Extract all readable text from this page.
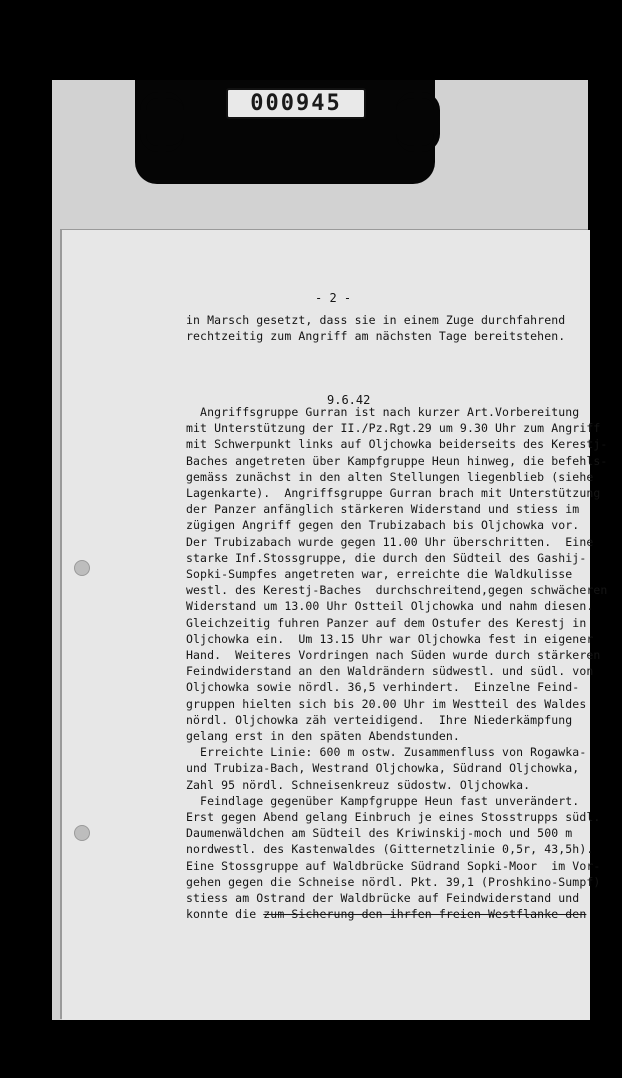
000945
- 2 -
in Marsch gesetzt, dass sie in einem Zuge durchfahrend
rechtzeitig zum Angriff am nächsten Tage bereitstehen.
9.6.42
Angriffsgruppe Gurran ist nach kurzer Art.Vorbereitung
mit Unterstützung der II./Pz.Rgt.29 um 9.30 Uhr zum Angriff
mit Schwerpunkt links auf Oljchowka beiderseits des Kerestj-
Baches angetreten über Kampfgruppe Heun hinweg, die befehls-
gemäss zunächst in den alten Stellungen liegenblieb (siehe
Lagenkarte).  Angriffsgruppe Gurran brach mit Unterstützung
der Panzer anfänglich stärkeren Widerstand und stiess im
zügigen Angriff gegen den Trubizabach bis Oljchowka vor.
Der Trubizabach wurde gegen 11.00 Uhr überschritten.  Eine
starke Inf.Stossgruppe, die durch den Südteil des Gashij-
Sopki-Sumpfes angetreten war, erreichte die Waldkulisse
westl. des Kerestj-Baches  durchschreitend,gegen schwächeren
Widerstand um 13.00 Uhr Ostteil Oljchowka und nahm diesen.
Gleichzeitig fuhren Panzer auf dem Ostufer des Kerestj in
Oljchowka ein.  Um 13.15 Uhr war Oljchowka fest in eigener
Hand.  Weiteres Vordringen nach Süden wurde durch stärkeren
Feindwiderstand an den Waldrändern südwestl. und südl. von
Oljchowka sowie nördl. 36,5 verhindert.  Einzelne Feind-
gruppen hielten sich bis 20.00 Uhr im Westteil des Waldes
nördl. Oljchowka zäh verteidigend.  Ihre Niederkämpfung
gelang erst in den späten Abendstunden.
Erreichte Linie: 600 m ostw. Zusammenfluss von Rogawka-
und Trubiza-Bach, Westrand Oljchowka, Südrand Oljchowka,
Zahl 95 nördl. Schneisenkreuz südostw. Oljchowka.
Feindlage gegenüber Kampfgruppe Heun fast unverändert.
Erst gegen Abend gelang Einbruch je eines Stosstrupps südl.
Daumenwäldchen am Südteil des Kriwinskij-moch und 500 m
nordwestl. des Kastenwaldes (Gitternetzlinie 0,5r, 43,5h).
Eine Stossgruppe auf Waldbrücke Südrand Sopki-Moor  im Vor-
gehen gegen die Schneise nördl. Pkt. 39,1 (Proshkino-Sumpf)
stiess am Ostrand der Waldbrücke auf Feindwiderstand und
konnte die zum Sicherung den ihrfen freien Westflanke den
